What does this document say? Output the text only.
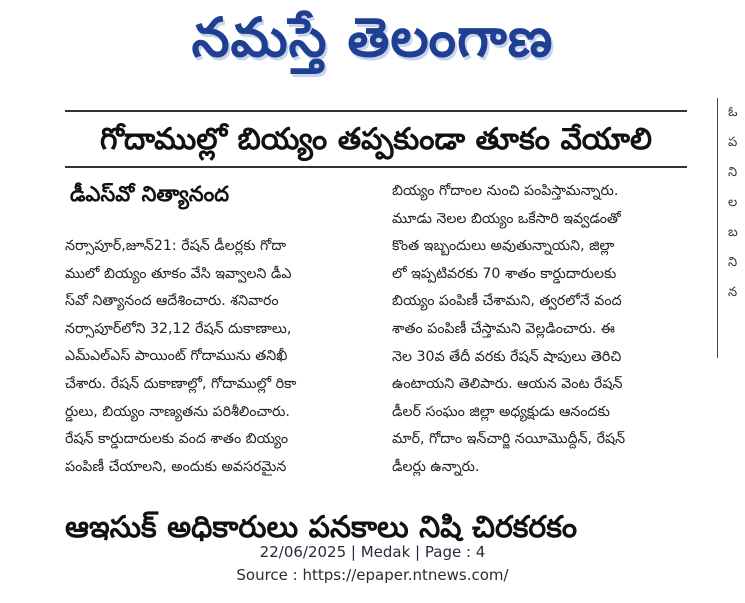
నమస్తే తెలంగాణ
గోదాముల్లో బియ్యం తప్పకుండా తూకం వేయాలి
ఓ
ప
ని
ల
బ
ని
న
డీఎస్‌వో నిత్యానంద
నర్సాపూర్,జూన్21: రేషన్ డీలర్లకు గోదా
ములో బియ్యం తూకం వేసి ఇవ్వాలని డీఎ
స్‌వో నిత్యానంద ఆదేశించారు. శనివారం
నర్సాపూర్‌లోని 32,12 రేషన్ దుకాణాలు,
ఎమ్ఎల్ఎస్ పాయింట్ గోదామును తనిఖీ
చేశారు. రేషన్ దుకాణాల్లో, గోదాముల్లో రికా
ర్డులు, బియ్యం నాణ్యతను పరిశీలించారు.
రేషన్ కార్డుదారులకు వంద శాతం బియ్యం
పంపిణీ చేయాలని, అందుకు అవసరమైన
బియ్యం గోదాంల నుంచి పంపిస్తామన్నారు.
మూడు నెలల బియ్యం ఒకేసారి ఇవ్వడంతో
కొంత ఇబ్బందులు అవుతున్నాయని, జిల్లా
లో ఇప్పటివరకు 70 శాతం కార్డుదారులకు
బియ్యం పంపిణీ చేశామని, త్వరలోనే వంద
శాతం పంపిణీ చేస్తామని వెల్లడించారు. ఈ
నెల 30వ తేదీ వరకు రేషన్ షాపులు తెరిచి
ఉంటాయని తెలిపారు. ఆయన వెంట రేషన్
డీలర్ సంఘం జిల్లా అధ్యక్షుడు ఆనందకు
మార్, గోదాం ఇన్‌చార్జి నయీమొద్దీన్, రేషన్
డీలర్లు ఉన్నారు.
ఆఇసుక్ అధికారులు పనకాలు నిషి చిరకరకం
22/06/2025 | Medak | Page : 4
Source : https://epaper.ntnews.com/
